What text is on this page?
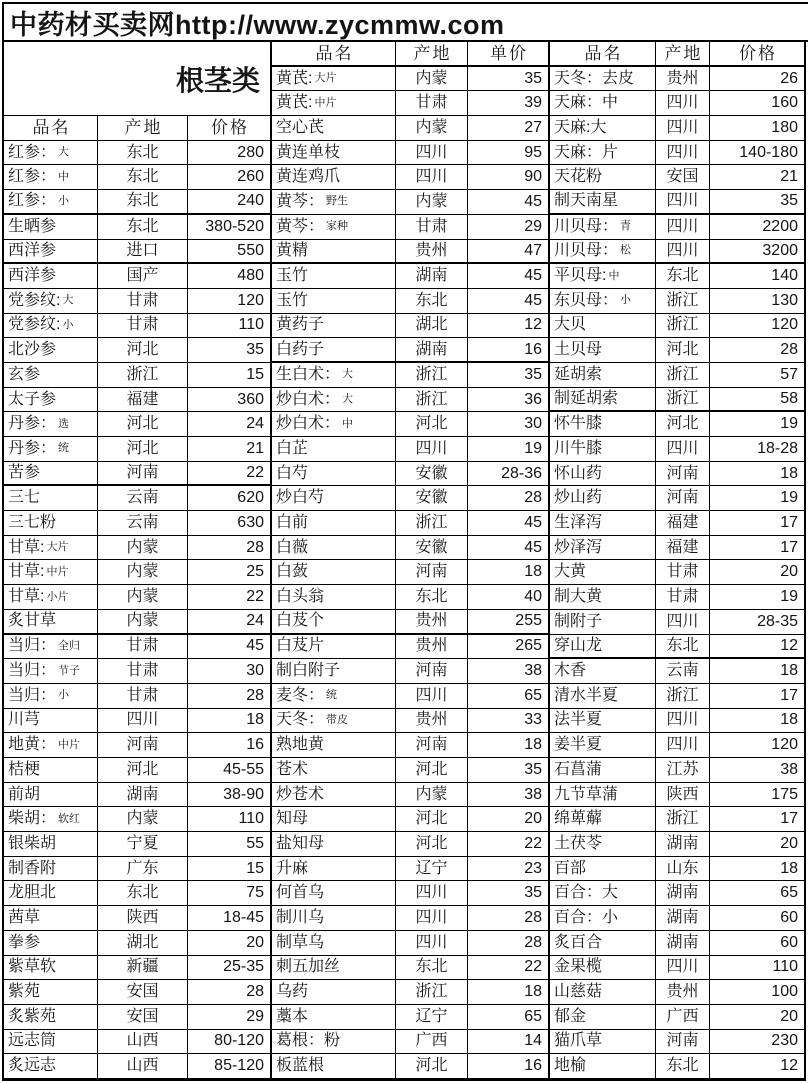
中药材买卖网http://www.zycmmw.com
根茎类
品名	产地	价格
红参： 大	东北	280
红参： 中	东北	260
红参： 小	东北	240
生晒参	东北	380-520
西洋参	进口	550
西洋参	国产	480
党参纹: 大	甘肃	120
党参纹: 小	甘肃	110
北沙参	河北	35
玄参	浙江	15
太子参	福建	360
丹参： 选	河北	24
丹参： 统	河北	21
苦参	河南	22
三七	云南	620
三七粉	云南	630
甘草: 大片	内蒙	28
甘草: 中片	内蒙	25
甘草: 小片	内蒙	22
炙甘草	内蒙	24
当归： 全归	甘肃	45
当归： 节子	甘肃	30
当归： 小	甘肃	28
川芎	四川	18
地黄： 中片	河南	16
桔梗	河北	45-55
前胡	湖南	38-90
柴胡： 软红	内蒙	110
银柴胡	宁夏	55
制香附	广东	15
龙胆北	东北	75
茜草	陕西	18-45
拳参	湖北	20
紫草软	新疆	25-35
紫苑	安国	28
炙紫苑	安国	29
远志筒	山西	80-120
炙远志	山西	85-120
品名	产地	单价
黄芪: 大片	内蒙	35
黄芪: 中片	甘肃	39
空心芪	内蒙	27
黄连单枝	四川	95
黄连鸡爪	四川	90
黄芩： 野生	内蒙	45
黄芩： 家种	甘肃	29
黄精	贵州	47
玉竹	湖南	45
玉竹	东北	45
黄药子	湖北	12
白药子	湖南	16
生白术： 大	浙江	35
炒白术： 大	浙江	36
炒白术： 中	河北	30
白芷	四川	19
白芍	安徽	28-36
炒白芍	安徽	28
白前	浙江	45
白薇	安徽	45
白蔹	河南	18
白头翁	东北	40
白芨个	贵州	255
白芨片	贵州	265
制白附子	河南	38
麦冬： 统	四川	65
天冬： 带皮	贵州	33
熟地黄	河南	18
苍术	河北	35
炒苍术	内蒙	38
知母	河北	20
盐知母	河北	22
升麻	辽宁	23
何首乌	四川	35
制川乌	四川	28
制草乌	四川	28
刺五加丝	东北	22
乌药	浙江	18
藁本	辽宁	65
葛根：粉	广西	14
板蓝根	河北	16
品名	产地	价格
天冬：去皮	贵州	26
天麻：中	四川	160
天麻:大	四川	180
天麻：片	四川	140-180
天花粉	安国	21
制天南星	四川	35
川贝母： 青	四川	2200
川贝母： 松	四川	3200
平贝母: 中	东北	140
东贝母： 小	浙江	130
大贝	浙江	120
土贝母	河北	28
延胡索	浙江	57
制延胡索	浙江	58
怀牛膝	河北	19
川牛膝	四川	18-28
怀山药	河南	18
炒山药	河南	19
生泽泻	福建	17
炒泽泻	福建	17
大黄	甘肃	20
制大黄	甘肃	19
制附子	四川	28-35
穿山龙	东北	12
木香	云南	18
清水半夏	浙江	17
法半夏	四川	18
姜半夏	四川	120
石菖蒲	江苏	38
九节草蒲	陕西	175
绵萆薢	浙江	17
土茯苓	湖南	20
百部	山东	18
百合：大	湖南	65
百合：小	湖南	60
炙百合	湖南	60
金果榄	四川	110
山慈菇	贵州	100
郁金	广西	20
猫爪草	河南	230
地榆	东北	12
